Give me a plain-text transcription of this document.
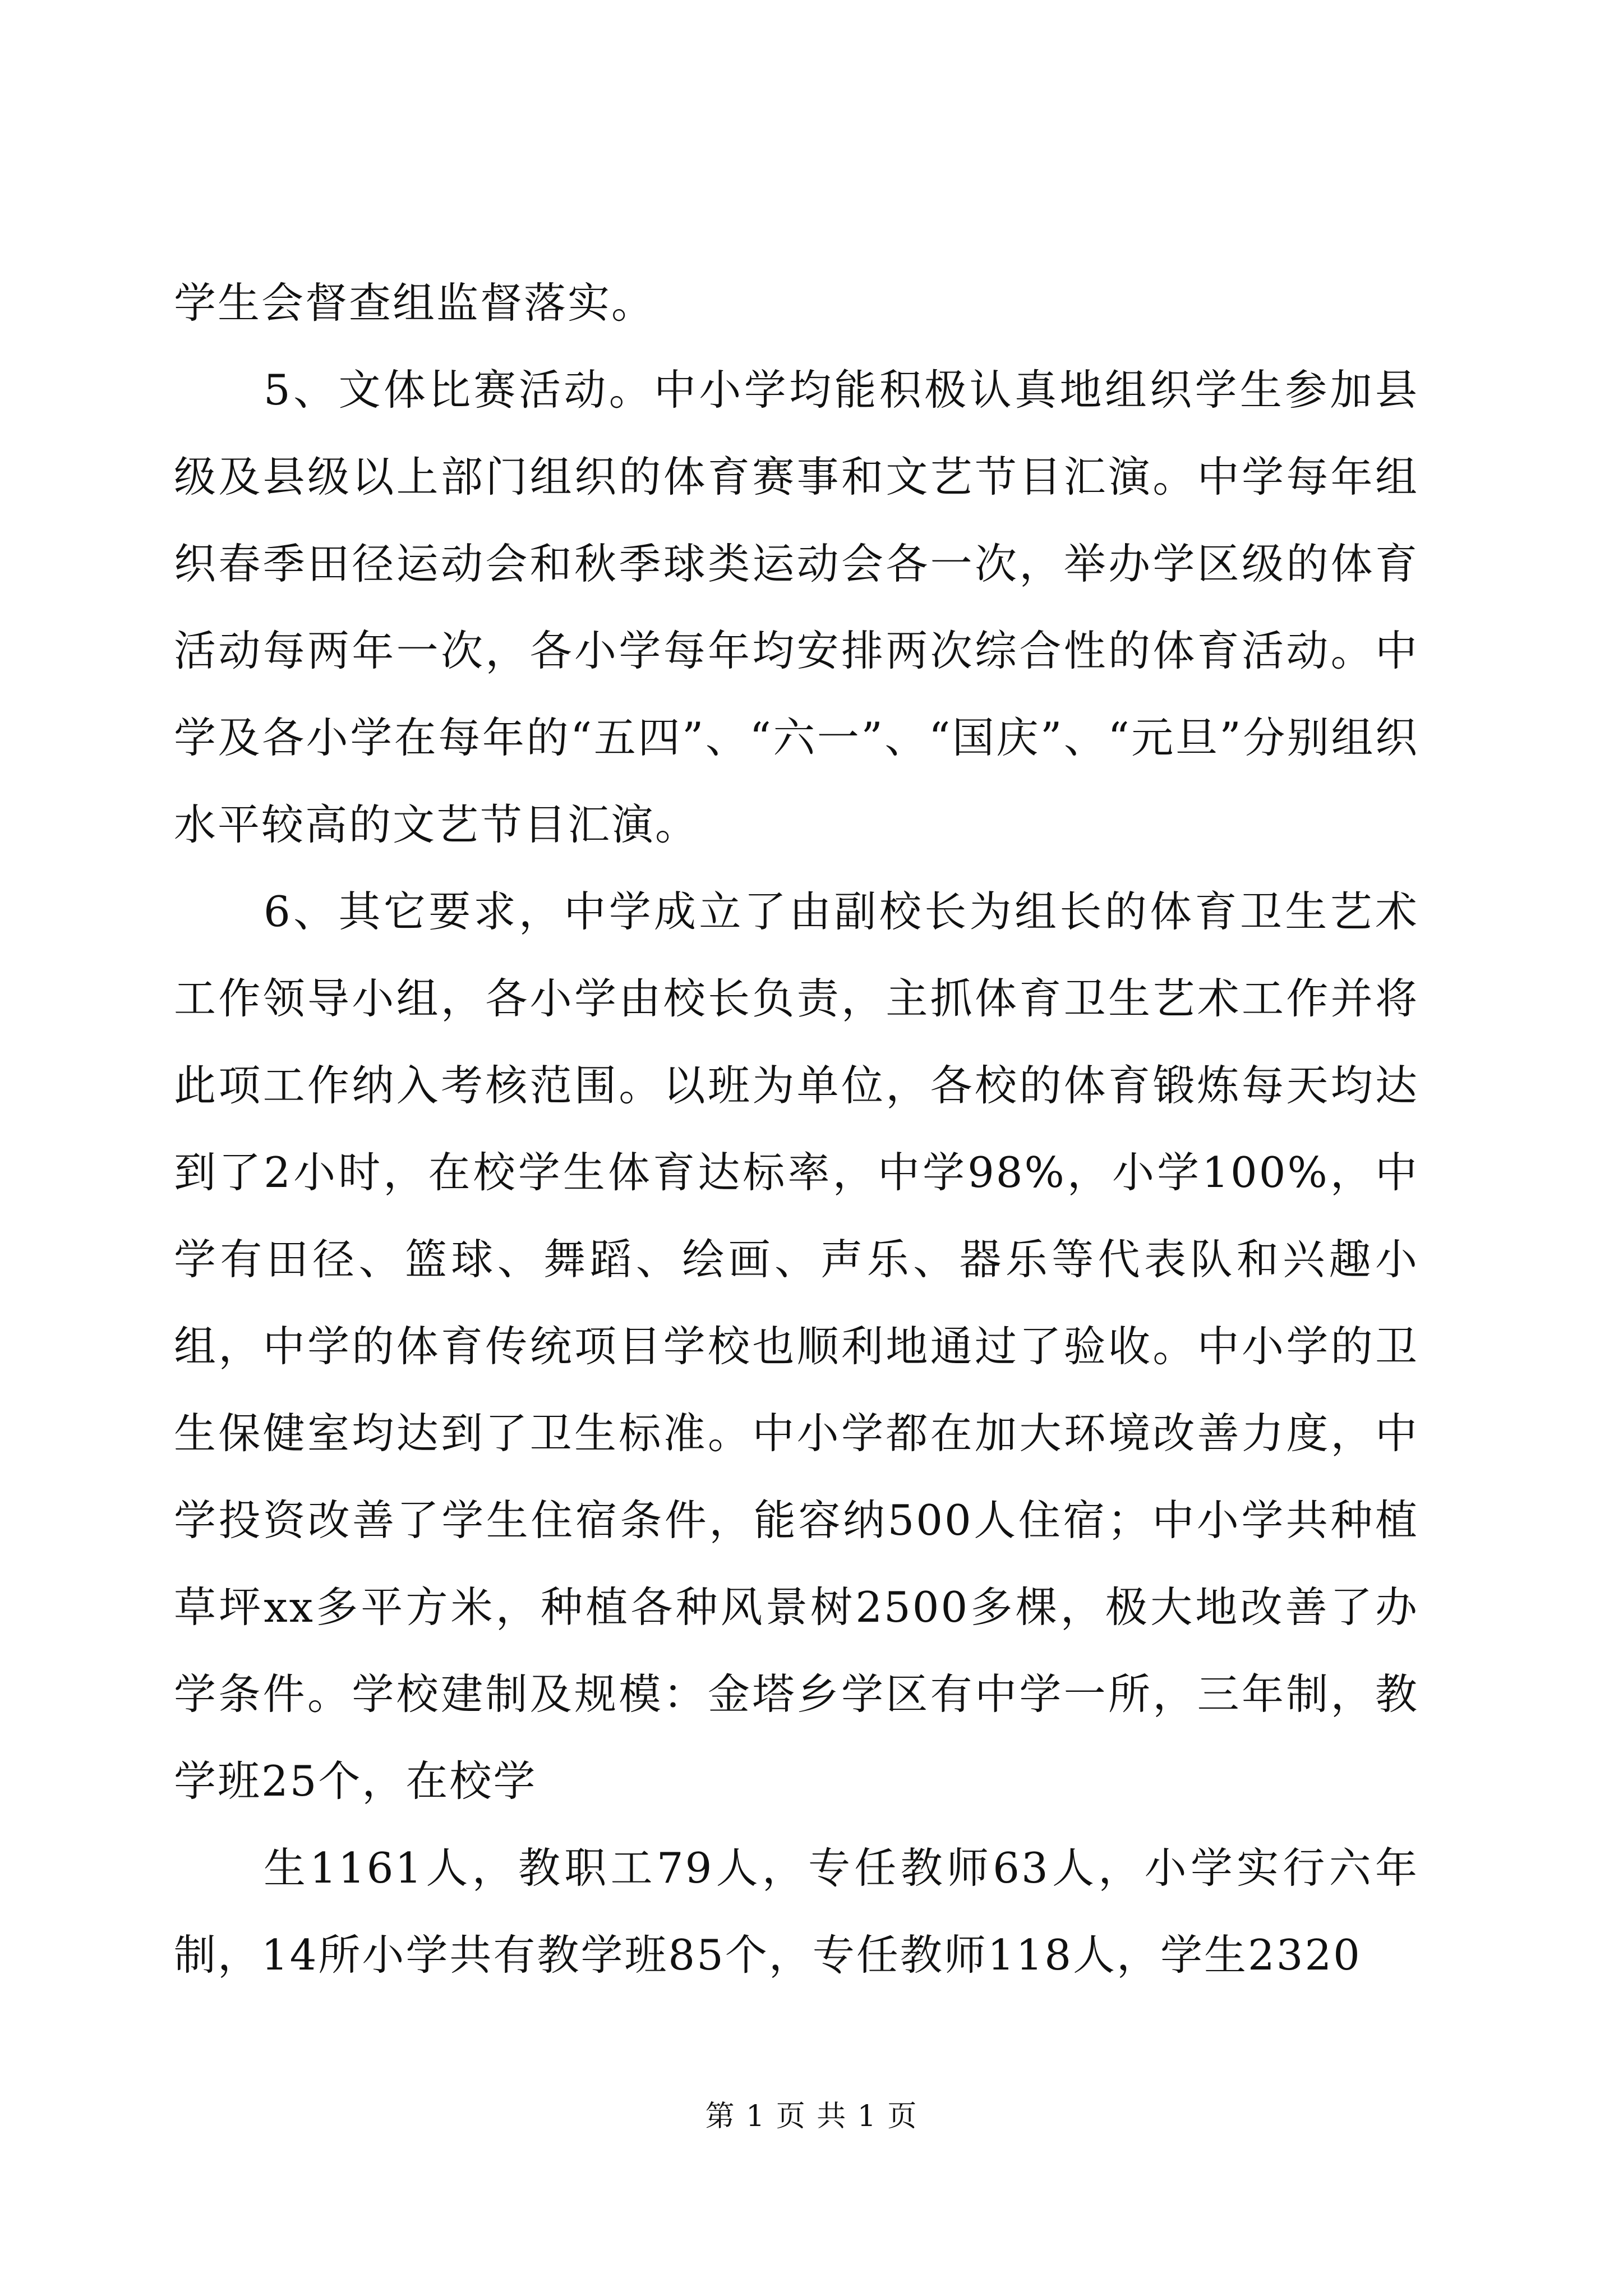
学生会督查组监督落实。

5、文体比赛活动。中小学均能积极认真地组织学生参加县级及县级以上部门组织的体育赛事和文艺节目汇演。中学每年组织春季田径运动会和秋季球类运动会各一次，举办学区级的体育活动每两年一次，各小学每年均安排两次综合性的体育活动。中学及各小学在每年的“五四”、“六一”、“国庆”、“元旦”分别组织水平较高的文艺节目汇演。

6、其它要求，中学成立了由副校长为组长的体育卫生艺术工作领导小组，各小学由校长负责，主抓体育卫生艺术工作并将此项工作纳入考核范围。以班为单位，各校的体育锻炼每天均达到了2小时，在校学生体育达标率，中学98%，小学100%，中学有田径、篮球、舞蹈、绘画、声乐、器乐等代表队和兴趣小组，中学的体育传统项目学校也顺利地通过了验收。中小学的卫生保健室均达到了卫生标准。中小学都在加大环境改善力度，中学投资改善了学生住宿条件，能容纳500人住宿；中小学共种植草坪xx多平方米，种植各种风景树2500多棵，极大地改善了办学条件。学校建制及规模：金塔乡学区有中学一所，三年制，教学班25个，在校学

生1161人，教职工79人，专任教师63人，小学实行六年制，14所小学共有教学班85个，专任教师118人，学生2320

第 1 页 共 1 页
